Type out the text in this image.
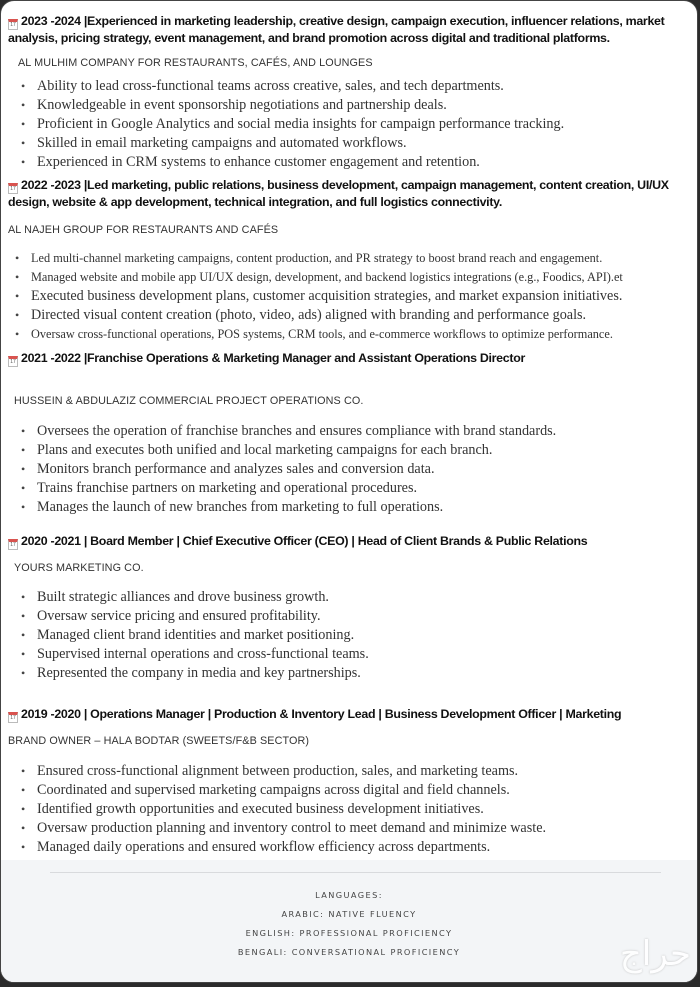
17 2023 -2024 |Experienced in marketing leadership, creative design, campaign execution, influencer relations, market analysis, pricing strategy, event management, and brand promotion across digital and traditional platforms.
AL MULHIM COMPANY FOR RESTAURANTS, CAFÉS, AND LOUNGES
• Ability to lead cross-functional teams across creative, sales, and tech departments.
• Knowledgeable in event sponsorship negotiations and partnership deals.
• Proficient in Google Analytics and social media insights for campaign performance tracking.
• Skilled in email marketing campaigns and automated workflows.
• Experienced in CRM systems to enhance customer engagement and retention.
17 2022 -2023 |Led marketing, public relations, business development, campaign management, content creation, UI/UX design, website & app development, technical integration, and full logistics connectivity.
AL NAJEH GROUP FOR RESTAURANTS AND CAFÉS
• Led multi-channel marketing campaigns, content production, and PR strategy to boost brand reach and engagement.
• Managed website and mobile app UI/UX design, development, and backend logistics integrations (e.g., Foodics, API).et
• Executed business development plans, customer acquisition strategies, and market expansion initiatives.
• Directed visual content creation (photo, video, ads) aligned with branding and performance goals.
• Oversaw cross-functional operations, POS systems, CRM tools, and e-commerce workflows to optimize performance.
17 2021 -2022 |Franchise Operations & Marketing Manager and Assistant Operations Director
HUSSEIN & ABDULAZIZ COMMERCIAL PROJECT OPERATIONS CO.
• Oversees the operation of franchise branches and ensures compliance with brand standards.
• Plans and executes both unified and local marketing campaigns for each branch.
• Monitors branch performance and analyzes sales and conversion data.
• Trains franchise partners on marketing and operational procedures.
• Manages the launch of new branches from marketing to full operations.
17 2020 -2021 | Board Member | Chief Executive Officer (CEO) | Head of Client Brands & Public Relations
YOURS MARKETING CO.
• Built strategic alliances and drove business growth.
• Oversaw service pricing and ensured profitability.
• Managed client brand identities and market positioning.
• Supervised internal operations and cross-functional teams.
• Represented the company in media and key partnerships.
17 2019 -2020 | Operations Manager | Production & Inventory Lead | Business Development Officer | Marketing
BRAND OWNER – HALA BODTAR (SWEETS/F&B SECTOR)
• Ensured cross-functional alignment between production, sales, and marketing teams.
• Coordinated and supervised marketing campaigns across digital and field channels.
• Identified growth opportunities and executed business development initiatives.
• Oversaw production planning and inventory control to meet demand and minimize waste.
• Managed daily operations and ensured workflow efficiency across departments.
LANGUAGES:
ARABIC: NATIVE FLUENCY
ENGLISH: PROFESSIONAL PROFICIENCY
BENGALI: CONVERSATIONAL PROFICIENCY	حراج
